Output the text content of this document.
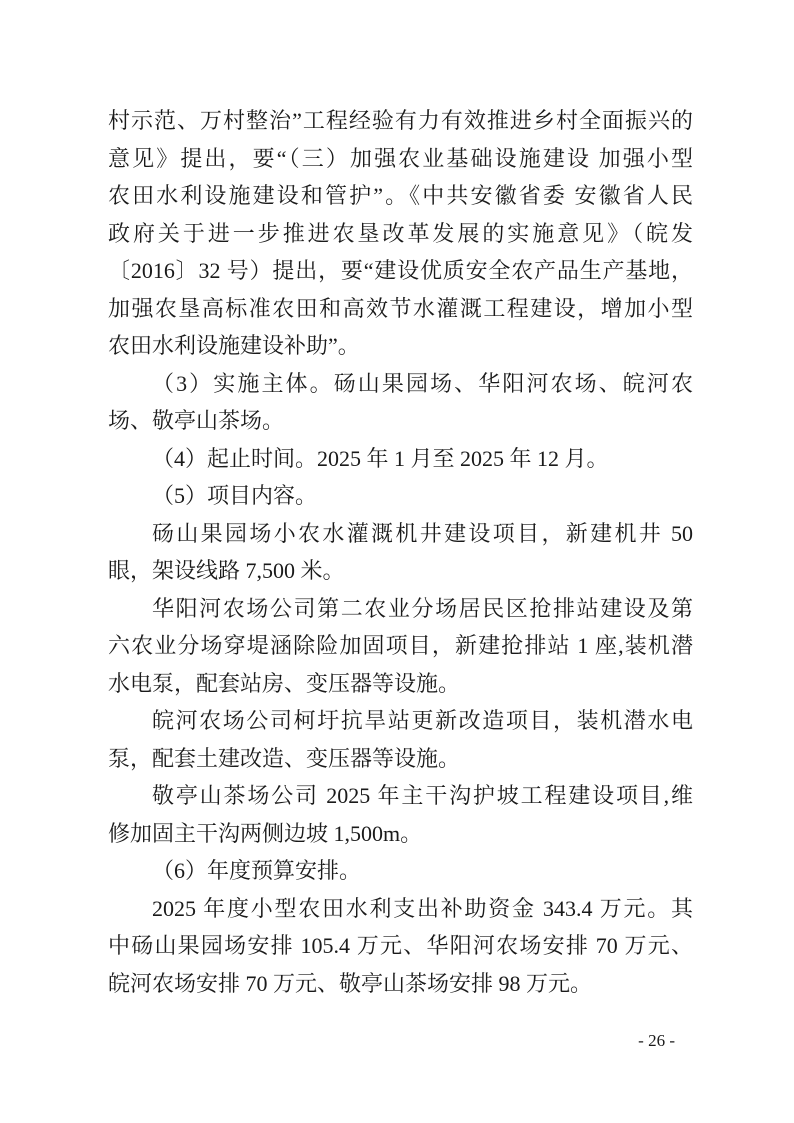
村示范、万村整治”工程经验有力有效推进乡村全面振兴的
意见》提出，要“（三）加强农业基础设施建设 加强小型
农田水利设施建设和管护”。《中共安徽省委 安徽省人民
政府关于进一步推进农垦改革发展的实施意见》（皖发
〔2016〕32 号）提出，要“建设优质安全农产品生产基地，
加强农垦高标准农田和高效节水灌溉工程建设，增加小型
农田水利设施建设补助”。
（3）实施主体。砀山果园场、华阳河农场、皖河农
场、敬亭山茶场。
（4）起止时间。2025 年 1 月至 2025 年 12 月。
（5）项目内容。
砀山果园场小农水灌溉机井建设项目，新建机井 50
眼，架设线路 7,500 米。
华阳河农场公司第二农业分场居民区抢排站建设及第
六农业分场穿堤涵除险加固项目，新建抢排站 1 座,装机潜
水电泵，配套站房、变压器等设施。
皖河农场公司柯圩抗旱站更新改造项目，装机潜水电
泵，配套土建改造、变压器等设施。
敬亭山茶场公司 2025 年主干沟护坡工程建设项目,维
修加固主干沟两侧边坡 1,500m。
（6）年度预算安排。
2025 年度小型农田水利支出补助资金 343.4 万元。其
中砀山果园场安排 105.4 万元、华阳河农场安排 70 万元、
皖河农场安排 70 万元、敬亭山茶场安排 98 万元。
- 26 -
